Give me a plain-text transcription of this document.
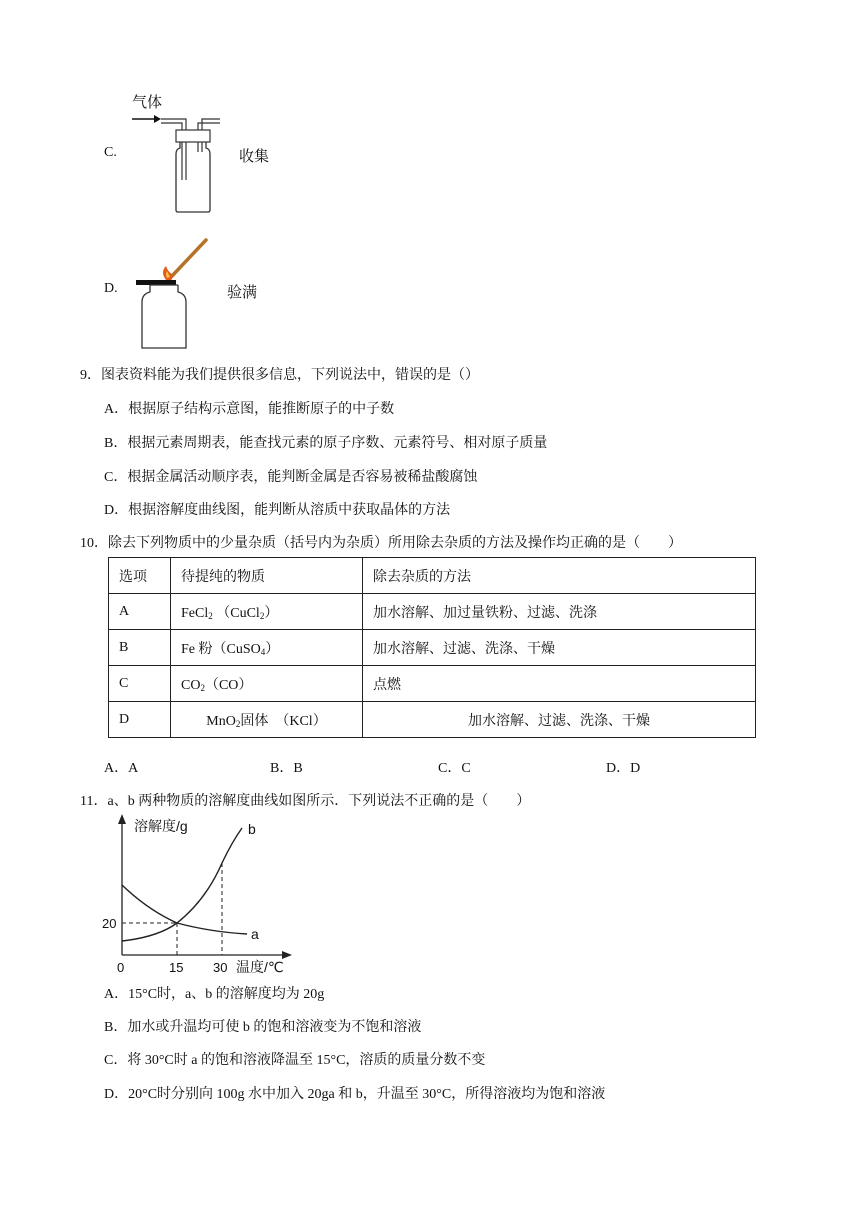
C.
气体
收集
D.	验满
9．图表资料能为我们提供很多信息，下列说法中，错误的是（）
A．根据原子结构示意图，能推断原子的中子数
B．根据元素周期表，能查找元素的原子序数、元素符号、相对原子质量
C．根据金属活动顺序表，能判断金属是否容易被稀盐酸腐蚀
D．根据溶解度曲线图，能判断从溶质中获取晶体的方法
10．除去下列物质中的少量杂质（括号内为杂质）所用除去杂质的方法及操作均正确的是（　　）
选项	待提纯的物质	除去杂质的方法
A	FeCl$_2$ （CuCl$_2$）	加水溶解、加过量铁粉、过滤、洗涤
B	Fe 粉（CuSO$_4$）	加水溶解、过滤、洗涤、干燥
C	$CO_2(CO)$	点燃
D	MnO$_2$固体　（KCl）	加水溶解、过滤、洗涤、干燥
A．A	B．B	C．C	D．D
11．a、b 两种物质的溶解度曲线如图所示．下列说法不正确的是（　　）
溶解度/g
温度/℃
a
b
20
0	15 30
A．15°C时，a、b 的溶解度均为 20g
B．加水或升温均可使 b 的饱和溶液变为不饱和溶液
C．将 30°C时 a 的饱和溶液降温至 15°C，溶质的质量分数不变
D．20°C时分别向 100g 水中加入 20ga 和 b，升温至 30°C，所得溶液均为饱和溶液
